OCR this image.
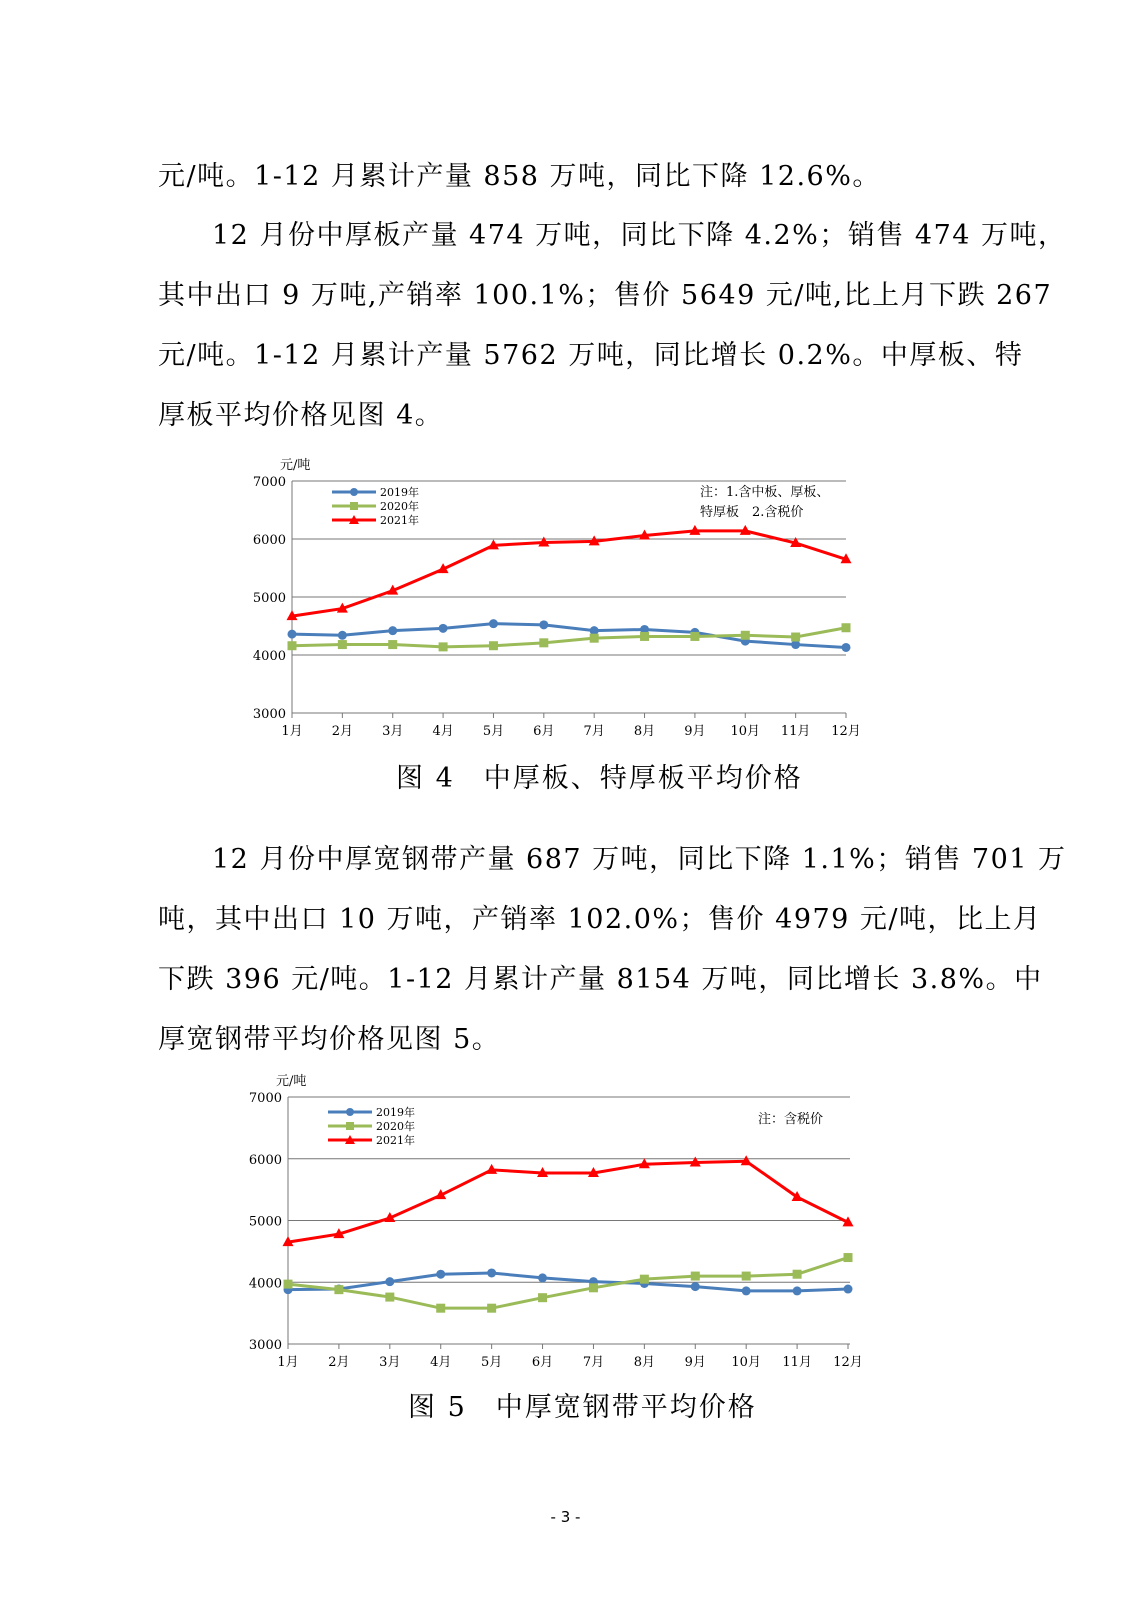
元/吨。1-12 月累计产量 858 万吨，同比下降 12.6%。
12 月份中厚板产量 474 万吨，同比下降 4.2%；销售 474 万吨，
其中出口 9 万吨,产销率 100.1%；售价 5649 元/吨,比上月下跌 267
元/吨。1-12 月累计产量 5762 万吨，同比增长 0.2%。中厚板、特
厚板平均价格见图 4。
3000
4000
5000
6000
7000
1月 2月 3月 4月 5月 6月 7月 8月 9月 10月 11月 12月
元/吨
2019年
2020年
2021年
注：1.含中板、厚板、
特厚板　2.含税价
图 4　中厚板、特厚板平均价格
12 月份中厚宽钢带产量 687 万吨，同比下降 1.1%；销售 701 万
吨，其中出口 10 万吨，产销率 102.0%；售价 4979 元/吨，比上月
下跌 396 元/吨。1-12 月累计产量 8154 万吨，同比增长 3.8%。中
厚宽钢带平均价格见图 5。
3000
4000
5000
6000
7000
1月 2月 3月 4月 5月 6月 7月 8月 9月 10月 11月 12月
元/吨
2019年
2020年
2021年
注：含税价
图 5　中厚宽钢带平均价格
- 3 -
